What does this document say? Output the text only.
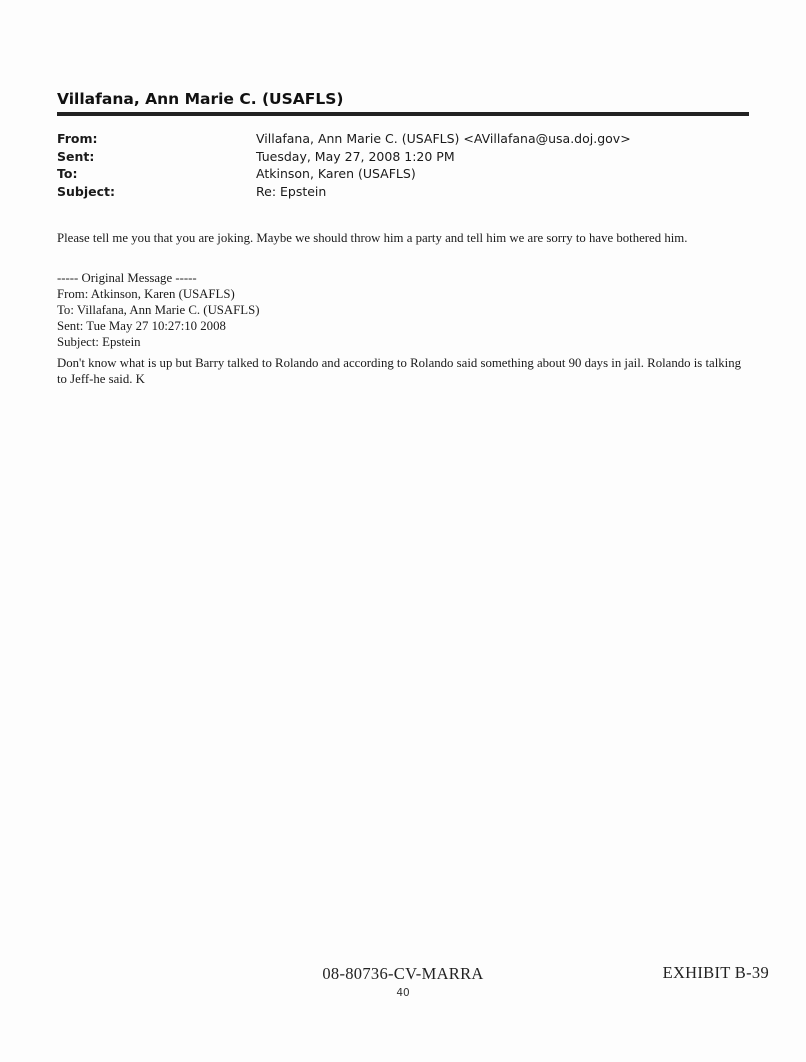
Villafana, Ann Marie C. (USAFLS)
From:	Villafana, Ann Marie C. (USAFLS) <AVillafana@usa.doj.gov>
Sent:	Tuesday, May 27, 2008 1:20 PM
To:	Atkinson, Karen (USAFLS)
Subject:	Re: Epstein
Please tell me you that you are joking. Maybe we should throw him a party and tell him we are sorry to have bothered him.
----- Original Message -----
From: Atkinson, Karen (USAFLS)
To: Villafana, Ann Marie C. (USAFLS)
Sent: Tue May 27 10:27:10 2008
Subject: Epstein
Don't know what is up but Barry talked to Rolando and according to Rolando said something about 90 days in jail. Rolando is talking to Jeff-he said. K
08-80736-CV-MARRA
40
EXHIBIT B-39
